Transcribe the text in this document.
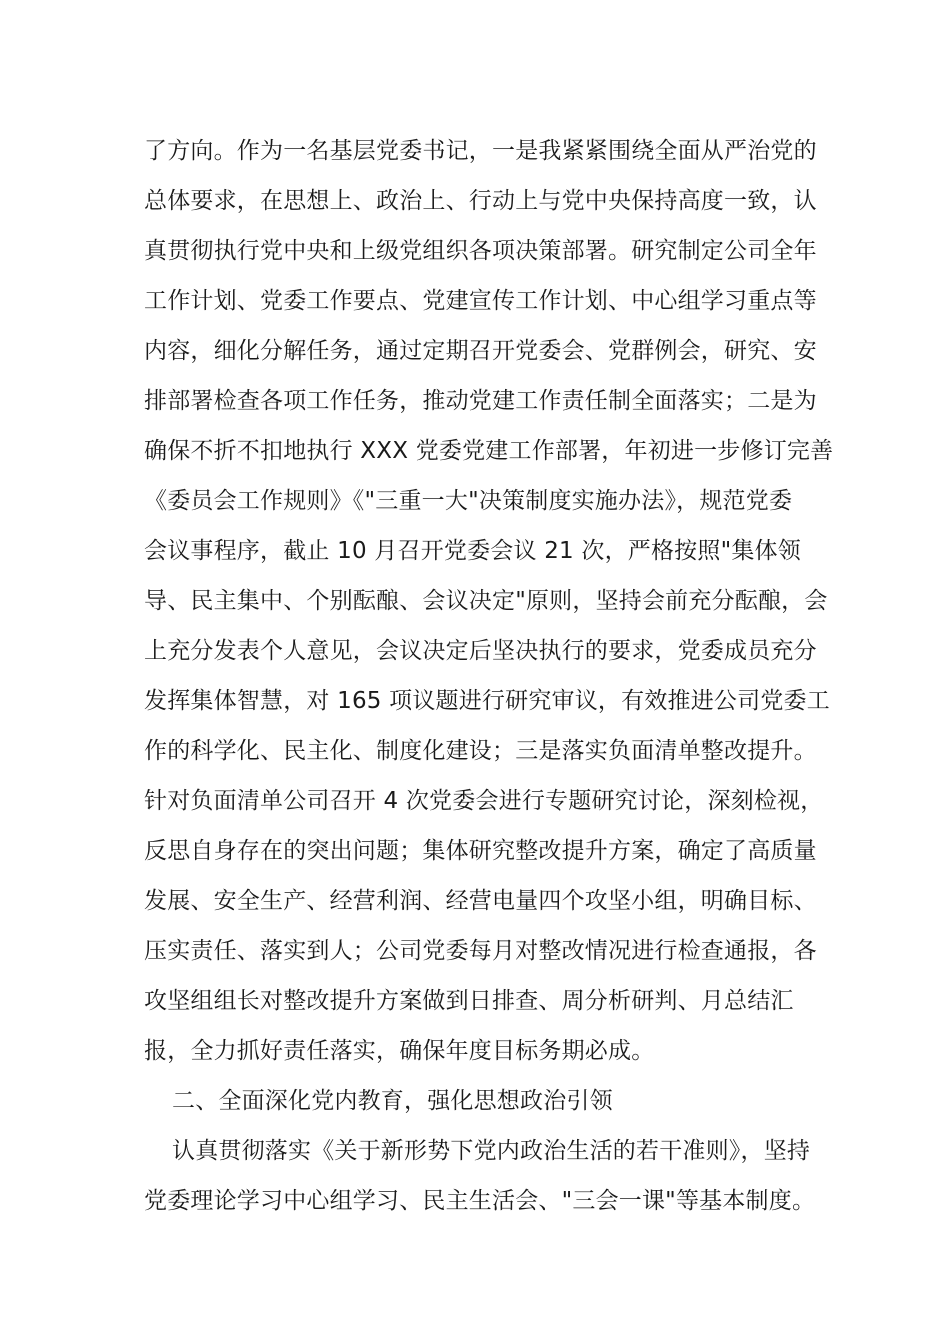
了方向。作为一名基层党委书记，一是我紧紧围绕全面从严治党的
总体要求，在思想上、政治上、行动上与党中央保持高度一致，认
真贯彻执行党中央和上级党组织各项决策部署。研究制定公司全年
工作计划、党委工作要点、党建宣传工作计划、中心组学习重点等
内容，细化分解任务，通过定期召开党委会、党群例会，研究、安
排部署检查各项工作任务，推动党建工作责任制全面落实；二是为
确保不折不扣地执行 XXX 党委党建工作部署，年初进一步修订完善
《委员会工作规则》《"三重一大"决策制度实施办法》，规范党委
会议事程序，截止 10 月召开党委会议 21 次，严格按照"集体领
导、民主集中、个别酝酿、会议决定"原则，坚持会前充分酝酿，会
上充分发表个人意见，会议决定后坚决执行的要求，党委成员充分
发挥集体智慧，对 165 项议题进行研究审议，有效推进公司党委工
作的科学化、民主化、制度化建设；三是落实负面清单整改提升。
针对负面清单公司召开 4 次党委会进行专题研究讨论，深刻检视，
反思自身存在的突出问题；集体研究整改提升方案，确定了高质量
发展、安全生产、经营利润、经营电量四个攻坚小组，明确目标、
压实责任、落实到人；公司党委每月对整改情况进行检查通报，各
攻坚组组长对整改提升方案做到日排查、周分析研判、月总结汇
报，全力抓好责任落实，确保年度目标务期必成。
二、全面深化党内教育，强化思想政治引领
认真贯彻落实《关于新形势下党内政治生活的若干准则》，坚持
党委理论学习中心组学习、民主生活会、"三会一课"等基本制度。
